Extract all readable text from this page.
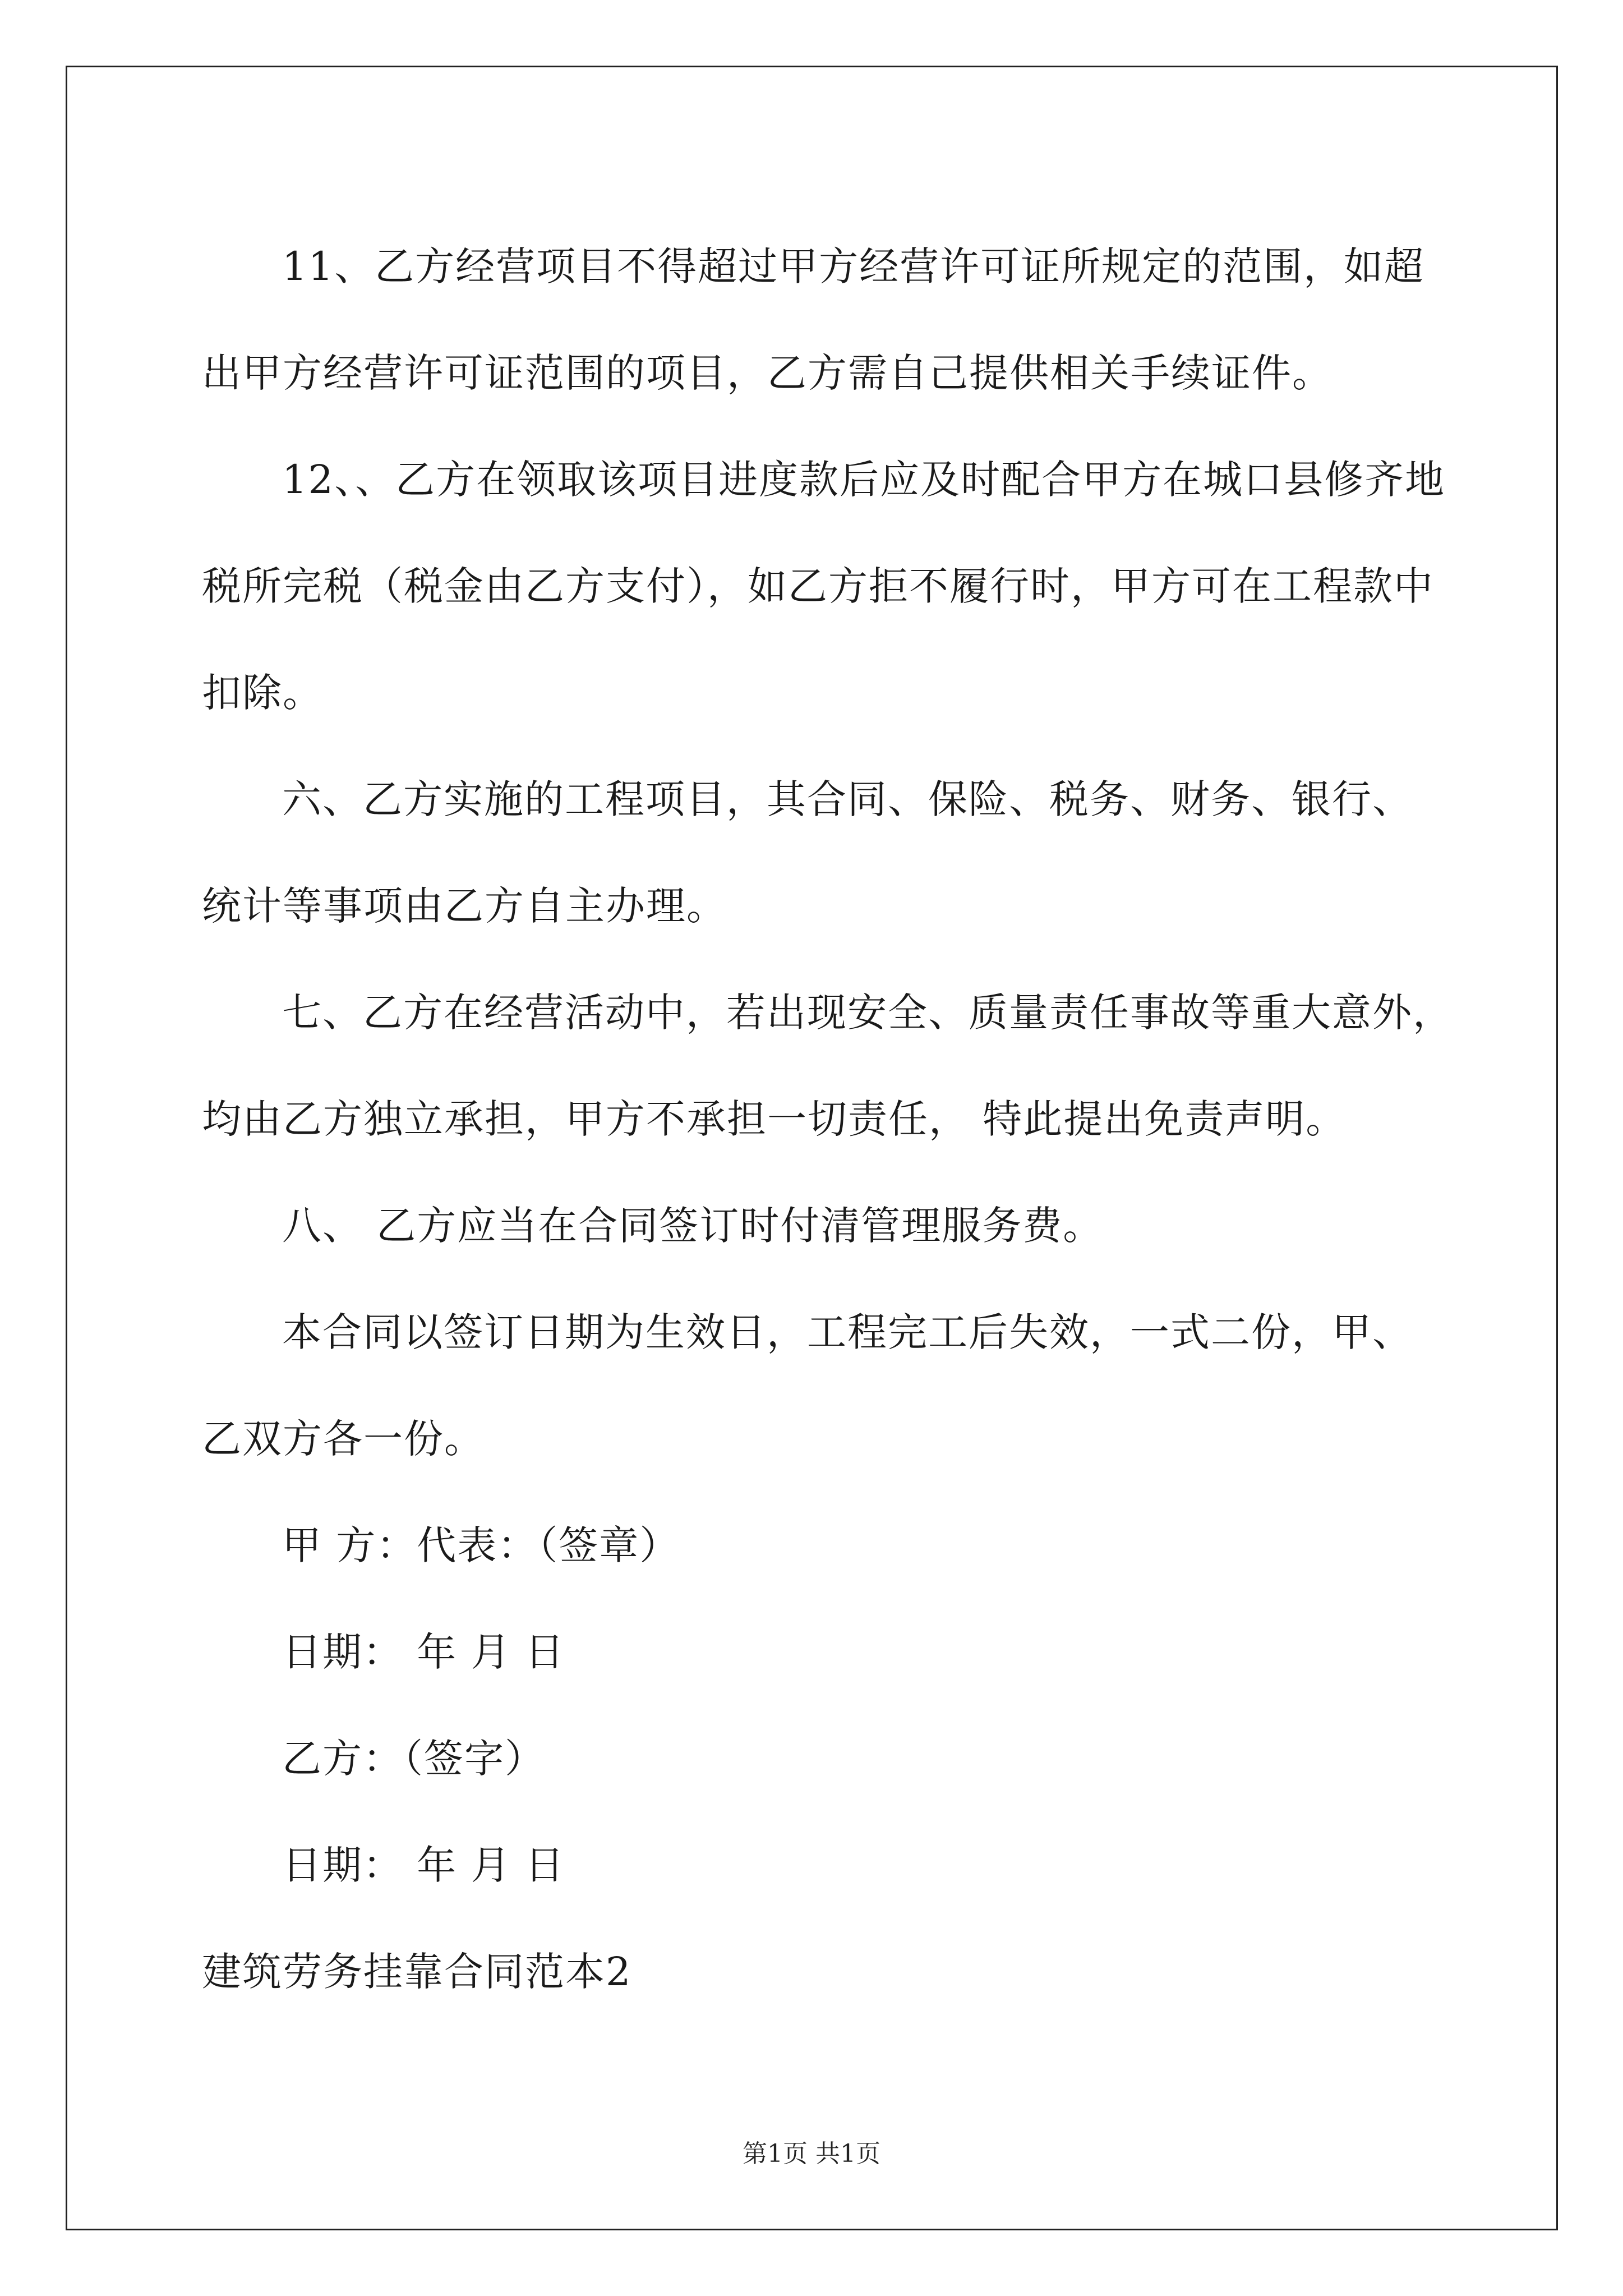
11、乙方经营项目不得超过甲方经营许可证所规定的范围，如超
出甲方经营许可证范围的项目，乙方需自己提供相关手续证件。
12、、乙方在领取该项目进度款后应及时配合甲方在城口县修齐地
税所完税（税金由乙方支付），如乙方拒不履行时，甲方可在工程款中
扣除。
六、乙方实施的工程项目，其合同、保险、税务、财务、银行、
统计等事项由乙方自主办理。
七、乙方在经营活动中，若出现安全、质量责任事故等重大意外，
均由乙方独立承担，甲方不承担一切责任， 特此提出免责声明。
八、 乙方应当在合同签订时付清管理服务费。
本合同以签订日期为生效日，工程完工后失效，一式二份，甲、
乙双方各一份。
甲 方：代表：（签章）
日期： 年 月 日
乙方：（签字）
日期： 年 月 日
建筑劳务挂靠合同范本2
第1页 共1页
